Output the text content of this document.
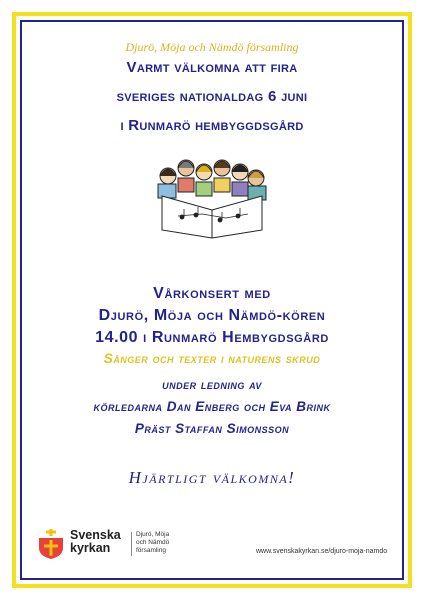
Djurö, Möja och Nämdö församling
Varmt välkomna att fira
sveriges nationaldag 6 juni
i Runmarö hembyggdsgård
Vårkonsert med
Djurö, Möja och Nämdö-kören
14.00 i Runmarö Hembygdsgård
Sånger och texter i naturens skrud
under ledning av
körledarna Dan Enberg och Eva Brink
Präst Staffan Simonsson
Hjärtligt välkomna!
Svenska
kyrkan
Djurö, Möja
och Nämdö
församling	www.svenskakyrkan.se/djuro-moja-namdo
